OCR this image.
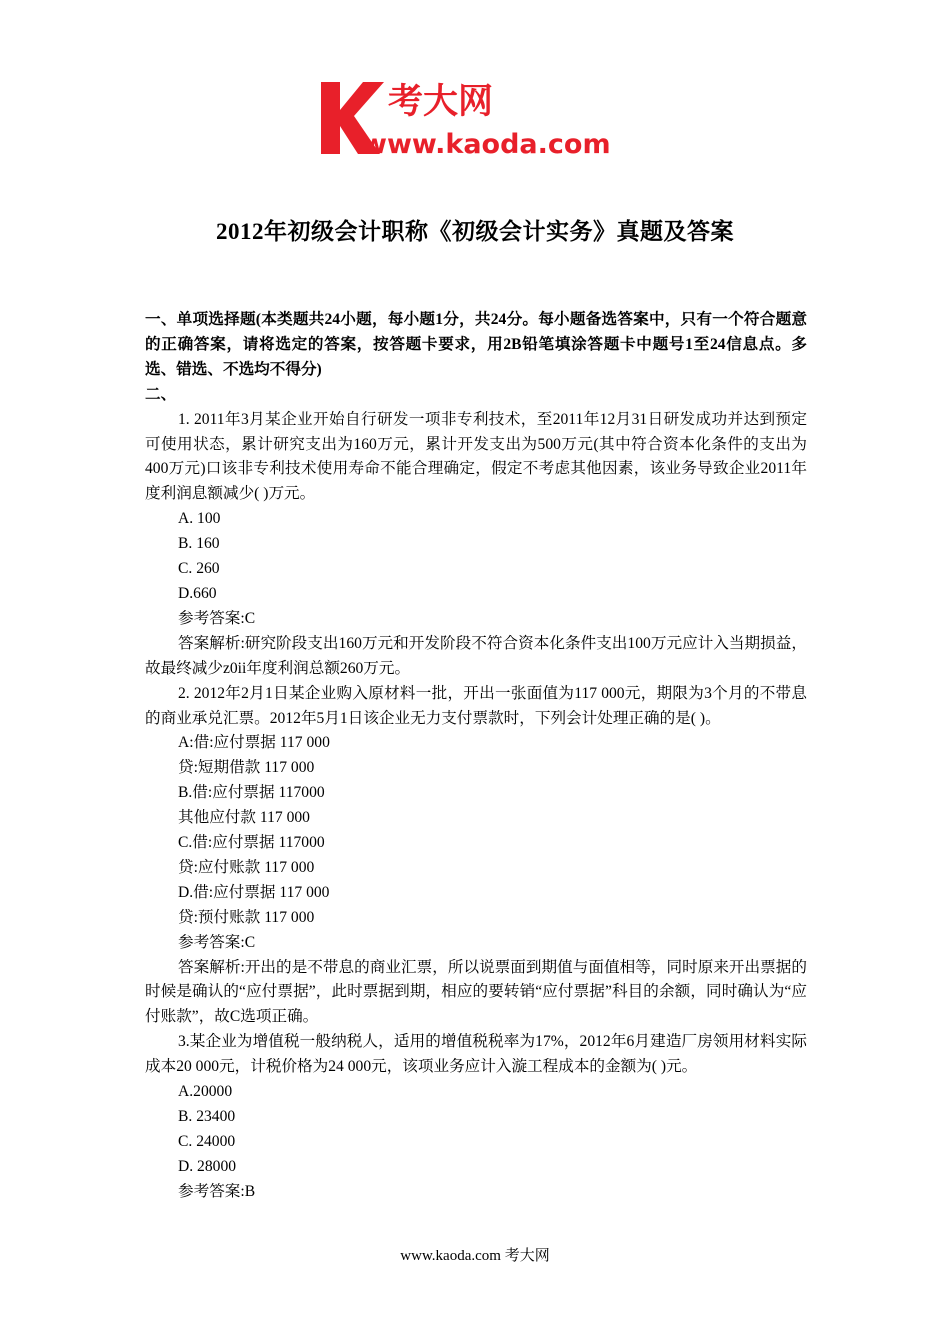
考大网
www.kaoda.com
2012年初级会计职称《初级会计实务》真题及答案

一、单项选择题(本类题共24小题，每小题1分，共24分。每小题备选答案中，只有一个符合题意的正确答案，请将选定的答案，按答题卡要求，用2B铅笔填涂答题卡中题号1至24信息点。多选、错选、不选均不得分)

二、

1. 2011年3月某企业开始自行研发一项非专利技术，至2011年12月31日研发成功并达到预定可使用状态，累计研究支出为160万元，累计开发支出为500万元(其中符合资本化条件的支出为400万元)口该非专利技术使用寿命不能合理确定，假定不考虑其他因素，该业务导致企业2011年度利润息额减少( )万元。

A. 100

B. 160

C. 260

D.660

参考答案:C

答案解析:研究阶段支出160万元和开发阶段不符合资本化条件支出100万元应计入当期损益，故最终减少z0ii年度利润总额260万元。

2. 2012年2月1日某企业购入原材料一批，开出一张面值为117 000元，期限为3个月的不带息的商业承兑汇票。2012年5月1日该企业无力支付票款时，下列会计处理正确的是( )。

A:借:应付票据 117 000

贷:短期借款 117 000

B.借:应付票据 117000

其他应付款 117 000

C.借:应付票据 117000

贷:应付账款 117 000

D.借:应付票据 117 000

贷:预付账款 117 000

参考答案:C

答案解析:开出的是不带息的商业汇票，所以说票面到期值与面值相等，同时原来开出票据的时候是确认的“应付票据”，此时票据到期，相应的要转销“应付票据”科目的余额，同时确认为“应付账款”，故C选项正确。

3.某企业为增值税一般纳税人，适用的增值税税率为17%，2012年6月建造厂房领用材料实际成本20 000元，计税价格为24 000元，该项业务应计入漩工程成本的金额为( )元。

A.20000

B. 23400

C. 24000

D. 28000

参考答案:B

www.kaoda.com 考大网
